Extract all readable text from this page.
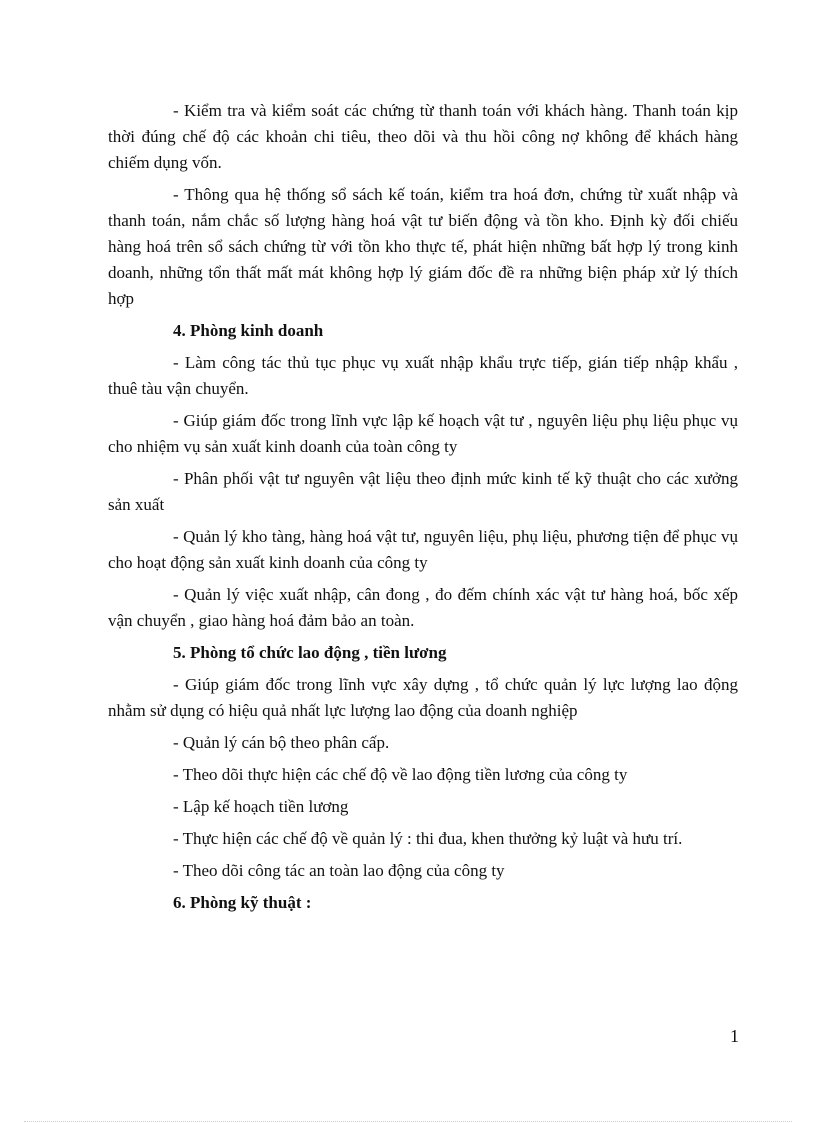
- Kiểm tra và kiểm soát các chứng từ thanh toán với khách hàng. Thanh toán kịp thời đúng chế độ các khoản chi tiêu, theo dõi và thu hồi công nợ không để khách hàng chiếm dụng vốn.

- Thông qua hệ thống sổ sách kế toán, kiểm tra hoá đơn, chứng từ xuất nhập và thanh toán, nắm chắc số lượng hàng hoá vật tư biến động và tồn kho. Định kỳ đối chiếu hàng hoá trên sổ sách chứng từ với tồn kho thực tế, phát hiện những bất hợp lý trong kinh doanh, những tổn thất mất mát không hợp lý giám đốc đề ra những biện pháp xử lý thích hợp

4. Phòng kinh doanh

- Làm công tác thủ tục phục vụ xuất nhập khẩu trực tiếp, gián tiếp nhập khẩu , thuê tàu vận chuyển.

- Giúp giám đốc trong lĩnh vực lập kế hoạch vật tư , nguyên liệu phụ liệu phục vụ cho nhiệm vụ sản xuất kinh doanh của toàn công ty

- Phân phối vật tư nguyên vật liệu theo định mức kinh tế kỹ thuật cho các xưởng sản xuất

- Quản lý kho tàng, hàng hoá vật tư, nguyên liệu, phụ liệu, phương tiện để phục vụ cho hoạt động sản xuất kinh doanh của công ty

- Quản lý việc xuất nhập, cân đong , đo đếm chính xác vật tư hàng hoá, bốc xếp vận chuyển , giao hàng hoá đảm bảo an toàn.

5. Phòng tổ chức lao động , tiền lương

- Giúp giám đốc trong lĩnh vực xây dựng , tổ chức quản lý lực lượng lao động nhằm sử dụng có hiệu quả nhất lực lượng lao động của doanh nghiệp

- Quản lý cán bộ theo phân cấp.

- Theo dõi thực hiện các chế độ về lao động tiền lương của công ty

- Lập kế hoạch tiền lương

- Thực hiện các chế độ về quản lý : thi đua, khen thưởng kỷ luật và hưu trí.

- Theo dõi công tác an toàn lao động của công ty

6. Phòng kỹ thuật :

1
